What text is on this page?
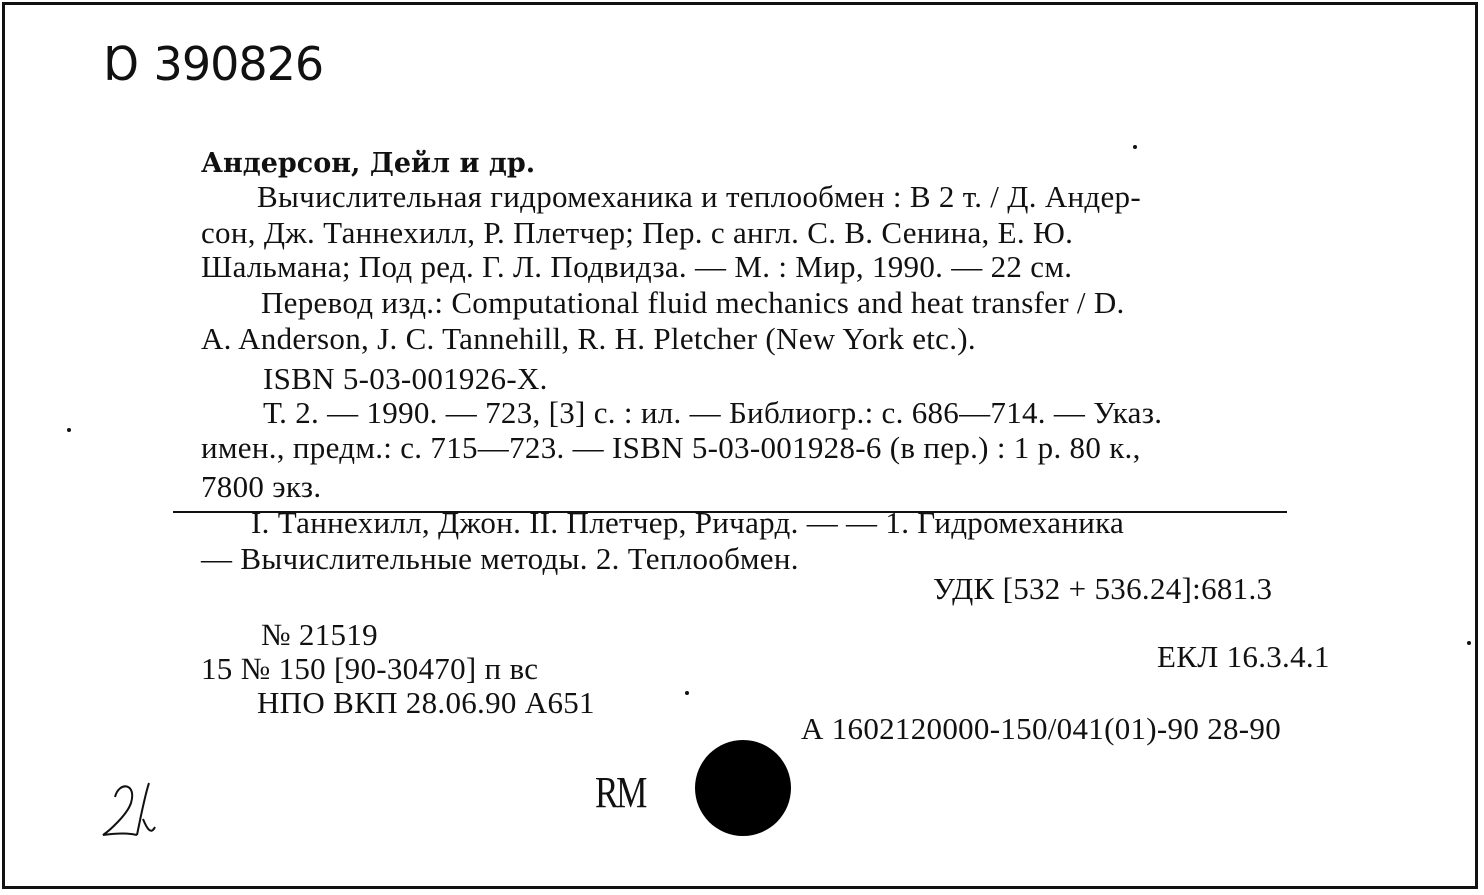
Ɒ 390826
Андерсон, Дейл и др.
Вычислительная гидромеханика и теплообмен : В 2 т. / Д. Андер-
сон, Дж. Таннехилл, Р. Плетчер; Пер. с англ. С. В. Сенина, Е. Ю.
Шальмана; Под ред. Г. Л. Подвидза. — М. : Мир, 1990. — 22 см.
Перевод изд.: Computational fluid mechanics and heat transfer / D.
A. Anderson, J. C. Tannehill, R. H. Pletcher (New York etc.).
ISBN 5-03-001926-X.
Т. 2. — 1990. — 723, [3] с. : ил. — Библиогр.: с. 686—714. — Указ.
имен., предм.: с. 715—723. — ISBN 5-03-001928-6 (в пер.) : 1 р. 80 к.,
7800 экз.
I. Таннехилл, Джон. II. Плетчер, Ричард. — — 1. Гидромеханика
— Вычислительные методы. 2. Теплообмен.
УДК [532 + 536.24]:681.3
№ 21519
15 № 150 [90-30470] п вс
НПО ВКП 28.06.90 А651
ЕКЛ 16.3.4.1
А 1602120000-150/041(01)-90 28-90
RM
